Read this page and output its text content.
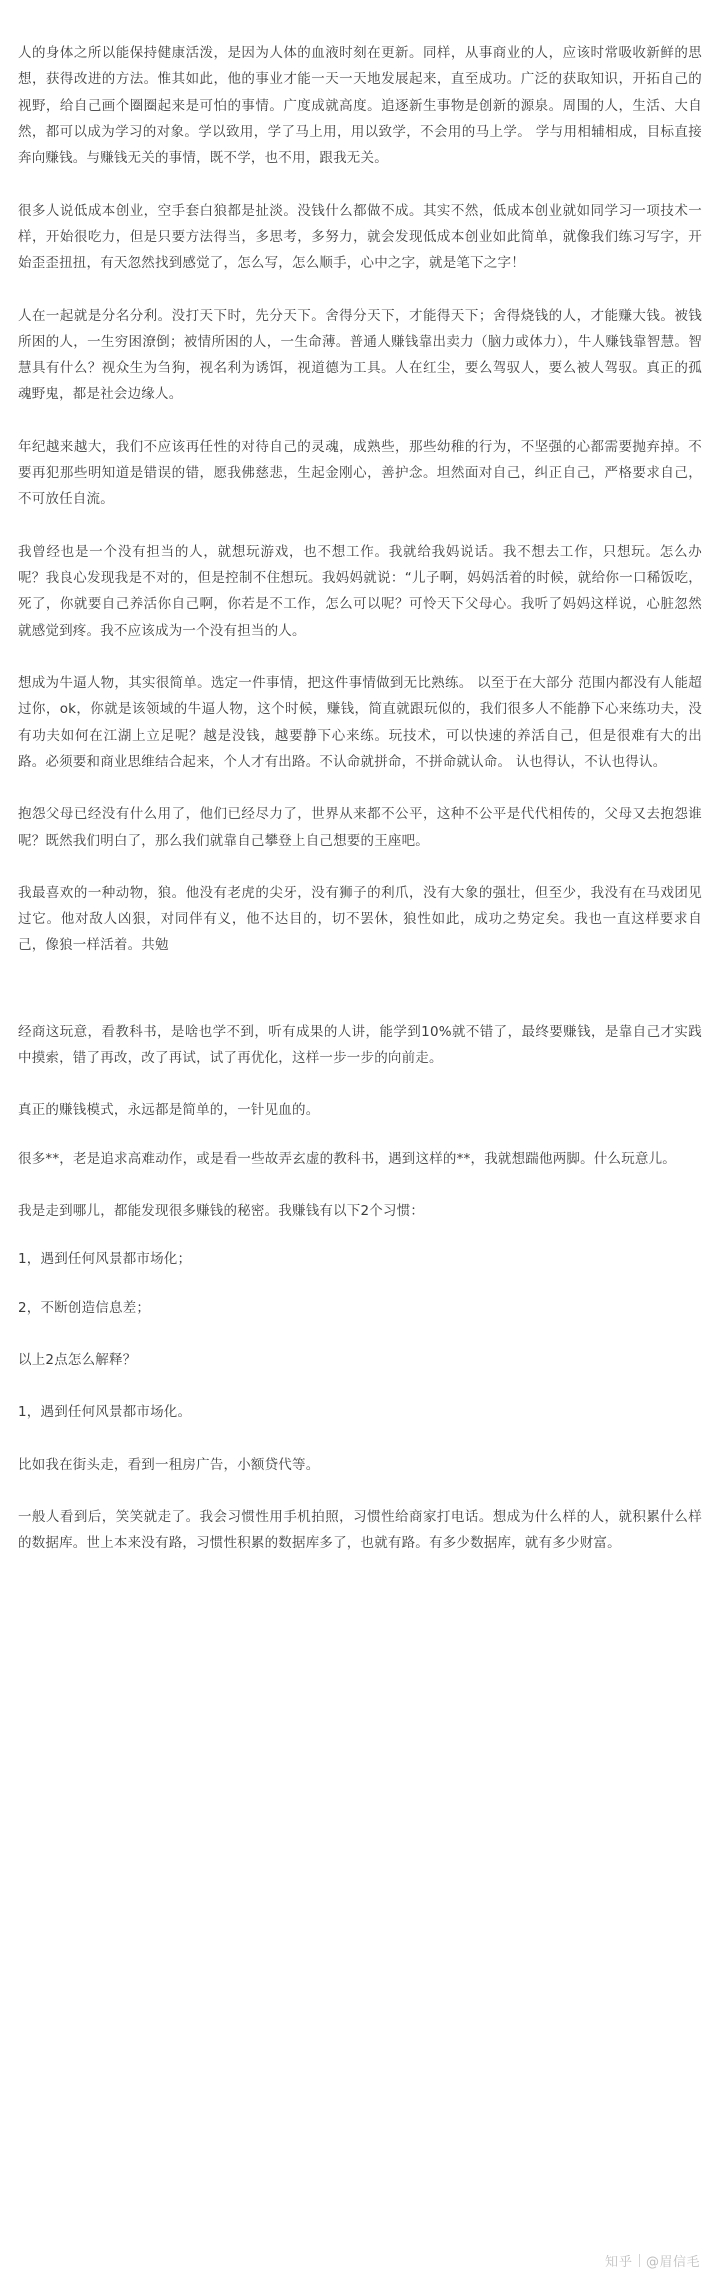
人的身体之所以能保持健康活泼，是因为人体的血液时刻在更新。同样，从事商业的人，应该时常吸收新鲜的思想，获得改进的方法。惟其如此，他的事业才能一天一天地发展起来，直至成功。广泛的获取知识，开拓自己的视野，给自己画个圈圈起来是可怕的事情。广度成就高度。追逐新生事物是创新的源泉。周围的人，生活、大自然，都可以成为学习的对象。学以致用，学了马上用，用以致学，不会用的马上学。 学与用相辅相成，目标直接奔向赚钱。与赚钱无关的事情，既不学，也不用，跟我无关。
很多人说低成本创业，空手套白狼都是扯淡。没钱什么都做不成。其实不然，低成本创业就如同学习一项技术一样，开始很吃力，但是只要方法得当，多思考，多努力，就会发现低成本创业如此简单，就像我们练习写字，开始歪歪扭扭，有天忽然找到感觉了，怎么写，怎么顺手，心中之字，就是笔下之字！
人在一起就是分名分利。没打天下时，先分天下。舍得分天下，才能得天下；舍得烧钱的人，才能赚大钱。被钱所困的人，一生穷困潦倒；被情所困的人，一生命薄。普通人赚钱靠出卖力（脑力或体力），牛人赚钱靠智慧。智慧具有什么？视众生为刍狗，视名利为诱饵，视道德为工具。人在红尘，要么驾驭人，要么被人驾驭。真正的孤魂野鬼，都是社会边缘人。
年纪越来越大，我们不应该再任性的对待自己的灵魂，成熟些，那些幼稚的行为，不坚强的心都需要抛弃掉。不要再犯那些明知道是错误的错，愿我佛慈悲，生起金刚心，善护念。坦然面对自己，纠正自己，严格要求自己，不可放任自流。
我曾经也是一个没有担当的人，就想玩游戏，也不想工作。我就给我妈说话。我不想去工作，只想玩。怎么办呢？我良心发现我是不对的，但是控制不住想玩。我妈妈就说：“儿子啊，妈妈活着的时候，就给你一口稀饭吃，死了，你就要自己养活你自己啊，你若是不工作，怎么可以呢？可怜天下父母心。我听了妈妈这样说，心脏忽然就感觉到疼。我不应该成为一个没有担当的人。
想成为牛逼人物，其实很简单。选定一件事情，把这件事情做到无比熟练。 以至于在大部分 范围内都没有人能超过你，ok，你就是该领域的牛逼人物，这个时候，赚钱，简直就跟玩似的，我们很多人不能静下心来练功夫，没有功夫如何在江湖上立足呢？越是没钱，越要静下心来练。玩技术，可以快速的养活自己，但是很难有大的出路。必须要和商业思维结合起来，个人才有出路。不认命就拼命，不拼命就认命。 认也得认，不认也得认。
抱怨父母已经没有什么用了，他们已经尽力了，世界从来都不公平，这种不公平是代代相传的，父母又去抱怨谁呢？既然我们明白了，那么我们就靠自己攀登上自己想要的王座吧。
我最喜欢的一种动物，狼。他没有老虎的尖牙，没有狮子的利爪，没有大象的强壮，但至少，我没有在马戏团见过它。他对敌人凶狠，对同伴有义，他不达目的，切不罢休，狼性如此，成功之势定矣。我也一直这样要求自己，像狼一样活着。共勉
经商这玩意，看教科书，是啥也学不到，听有成果的人讲，能学到10%就不错了，最终要赚钱，是靠自己才实践中摸索，错了再改，改了再试，试了再优化，这样一步一步的向前走。
真正的赚钱模式，永远都是简单的，一针见血的。
很多**，老是追求高难动作，或是看一些故弄玄虚的教科书，遇到这样的**，我就想踹他两脚。什么玩意儿。
我是走到哪儿，都能发现很多赚钱的秘密。我赚钱有以下2个习惯：
1，遇到任何风景都市场化；
2，不断创造信息差；
以上2点怎么解释？
1，遇到任何风景都市场化。
比如我在街头走，看到一租房广告，小额贷代等。
一般人看到后，笑笑就走了。我会习惯性用手机拍照，习惯性给商家打电话。想成为什么样的人，就积累什么样的数据库。世上本来没有路，习惯性积累的数据库多了，也就有路。有多少数据库，就有多少财富。
知乎 @眉信毛
